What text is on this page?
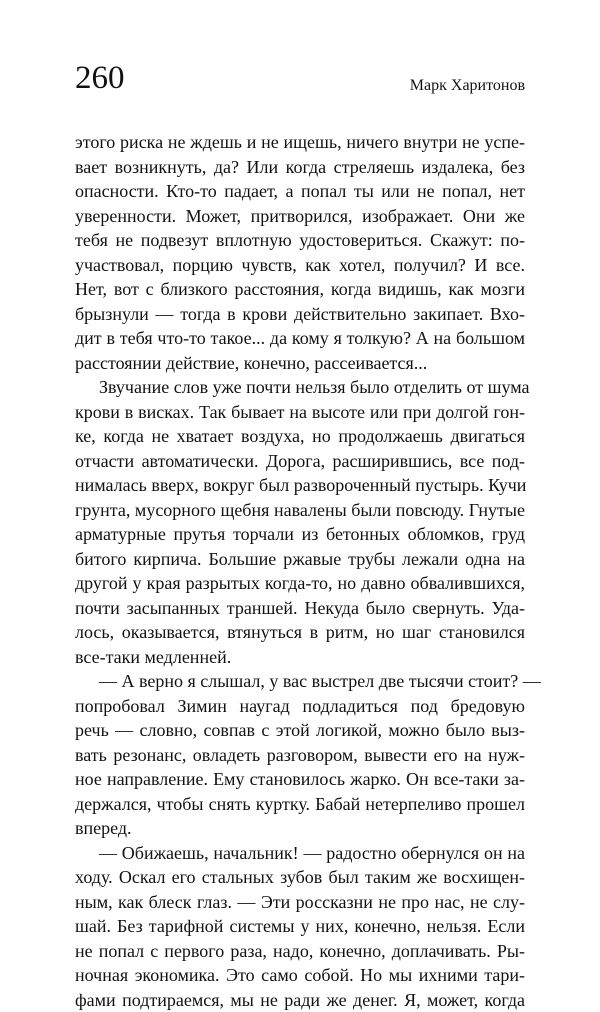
260	Марк Харитонов
этого риска не ждешь и не ищешь, ничего внутри не успе-
вает возникнуть, да? Или когда стреляешь издалека, без
опасности. Кто-то падает, а попал ты или не попал, нет
уверенности. Может, притворился, изображает. Они же
тебя не подвезут вплотную удостовериться. Скажут: по-
участвовал, порцию чувств, как хотел, получил? И все.
Нет, вот с близкого расстояния, когда видишь, как мозги
брызнули — тогда в крови действительно закипает. Вхо-
дит в тебя что-то такое... да кому я толкую? А на большом
расстоянии действие, конечно, рассеивается...
Звучание слов уже почти нельзя было отделить от шума
крови в висках. Так бывает на высоте или при долгой гон-
ке, когда не хватает воздуха, но продолжаешь двигаться
отчасти автоматически. Дорога, расширившись, все под-
нималась вверх, вокруг был развороченный пустырь. Кучи
грунта, мусорного щебня навалены были повсюду. Гнутые
арматурные прутья торчали из бетонных обломков, груд
битого кирпича. Большие ржавые трубы лежали одна на
другой у края разрытых когда-то, но давно обвалившихся,
почти засыпанных траншей. Некуда было свернуть. Уда-
лось, оказывается, втянуться в ритм, но шаг становился
все-таки медленней.
— А верно я слышал, у вас выстрел две тысячи стоит? —
попробовал Зимин наугад подладиться под бредовую
речь — словно, совпав с этой логикой, можно было выз-
вать резонанс, овладеть разговором, вывести его на нуж-
ное направление. Ему становилось жарко. Он все-таки за-
держался, чтобы снять куртку. Бабай нетерпеливо прошел
вперед.
— Обижаешь, начальник! — радостно обернулся он на
ходу. Оскал его стальных зубов был таким же восхищен-
ным, как блеск глаз. — Эти россказни не про нас, не слу-
шай. Без тарифной системы у них, конечно, нельзя. Если
не попал с первого раза, надо, конечно, доплачивать. Ры-
ночная экономика. Это само собой. Но мы ихними тари-
фами подтираемся, мы не ради же денег. Я, может, когда
